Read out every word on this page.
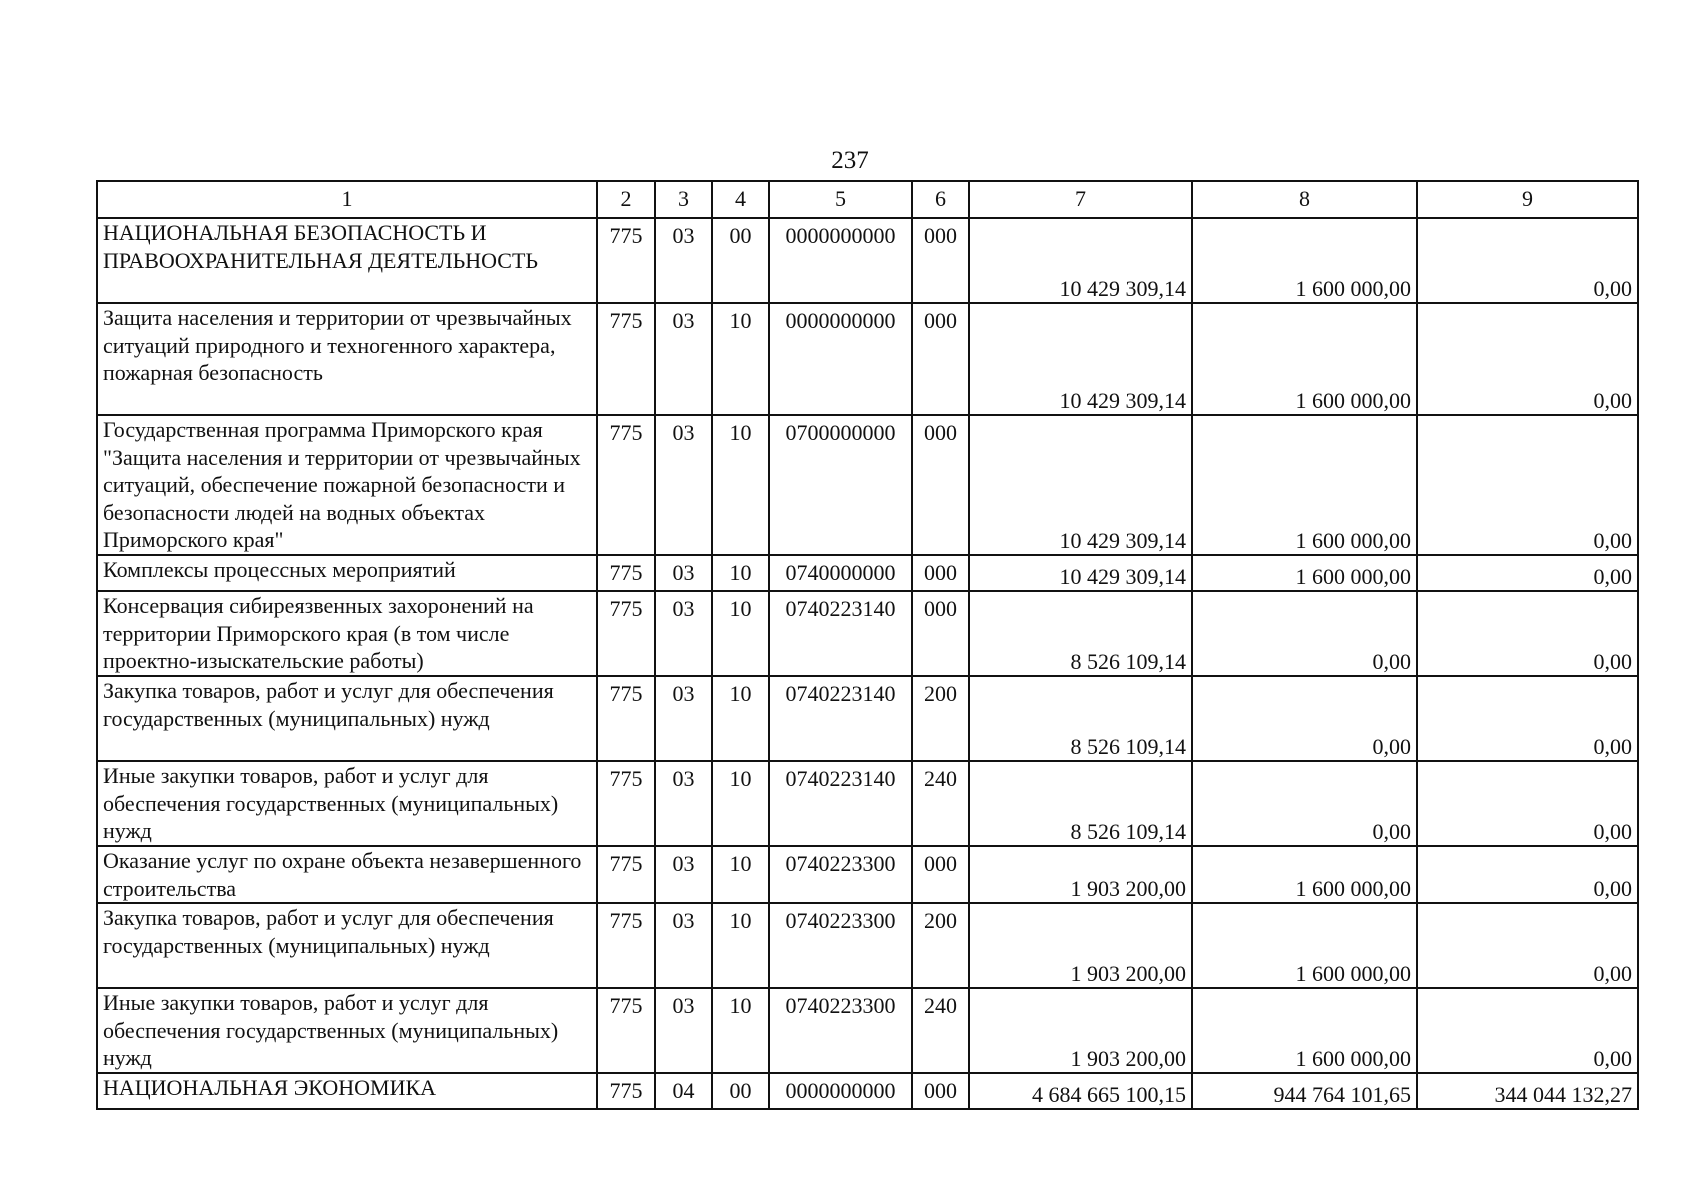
237
1	2	3	4	5	6	7	8	9
НАЦИОНАЛЬНАЯ БЕЗОПАСНОСТЬ И ПРАВООХРАНИТЕЛЬНАЯ ДЕЯТЕЛЬНОСТЬ	775	03	00	0000000000	000	10 429 309,14	1 600 000,00	0,00
Защита населения и территории от чрезвычайных ситуаций природного и техногенного характера, пожарная безопасность	775	03	10	0000000000	000	10 429 309,14	1 600 000,00	0,00
Государственная программа Приморского края "Защита населения и территории от чрезвычайных ситуаций, обеспечение пожарной безопасности и безопасности людей на водных объектах Приморского края"	775	03	10	0700000000	000	10 429 309,14	1 600 000,00	0,00
Комплексы процессных мероприятий	775	03	10	0740000000	000	10 429 309,14	1 600 000,00	0,00
Консервация сибиреязвенных захоронений на территории Приморского края (в том числе проектно-изыскательские работы)	775	03	10	0740223140	000	8 526 109,14	0,00	0,00
Закупка товаров, работ и услуг для обеспечения государственных (муниципальных) нужд	775	03	10	0740223140	200	8 526 109,14	0,00	0,00
Иные закупки товаров, работ и услуг для обеспечения государственных (муниципальных) нужд	775	03	10	0740223140	240	8 526 109,14	0,00	0,00
Оказание услуг по охране объекта незавершенного строительства	775	03	10	0740223300	000	1 903 200,00	1 600 000,00	0,00
Закупка товаров, работ и услуг для обеспечения государственных (муниципальных) нужд	775	03	10	0740223300	200	1 903 200,00	1 600 000,00	0,00
Иные закупки товаров, работ и услуг для обеспечения государственных (муниципальных) нужд	775	03	10	0740223300	240	1 903 200,00	1 600 000,00	0,00
НАЦИОНАЛЬНАЯ ЭКОНОМИКА	775	04	00	0000000000	000	4 684 665 100,15	944 764 101,65	344 044 132,27
